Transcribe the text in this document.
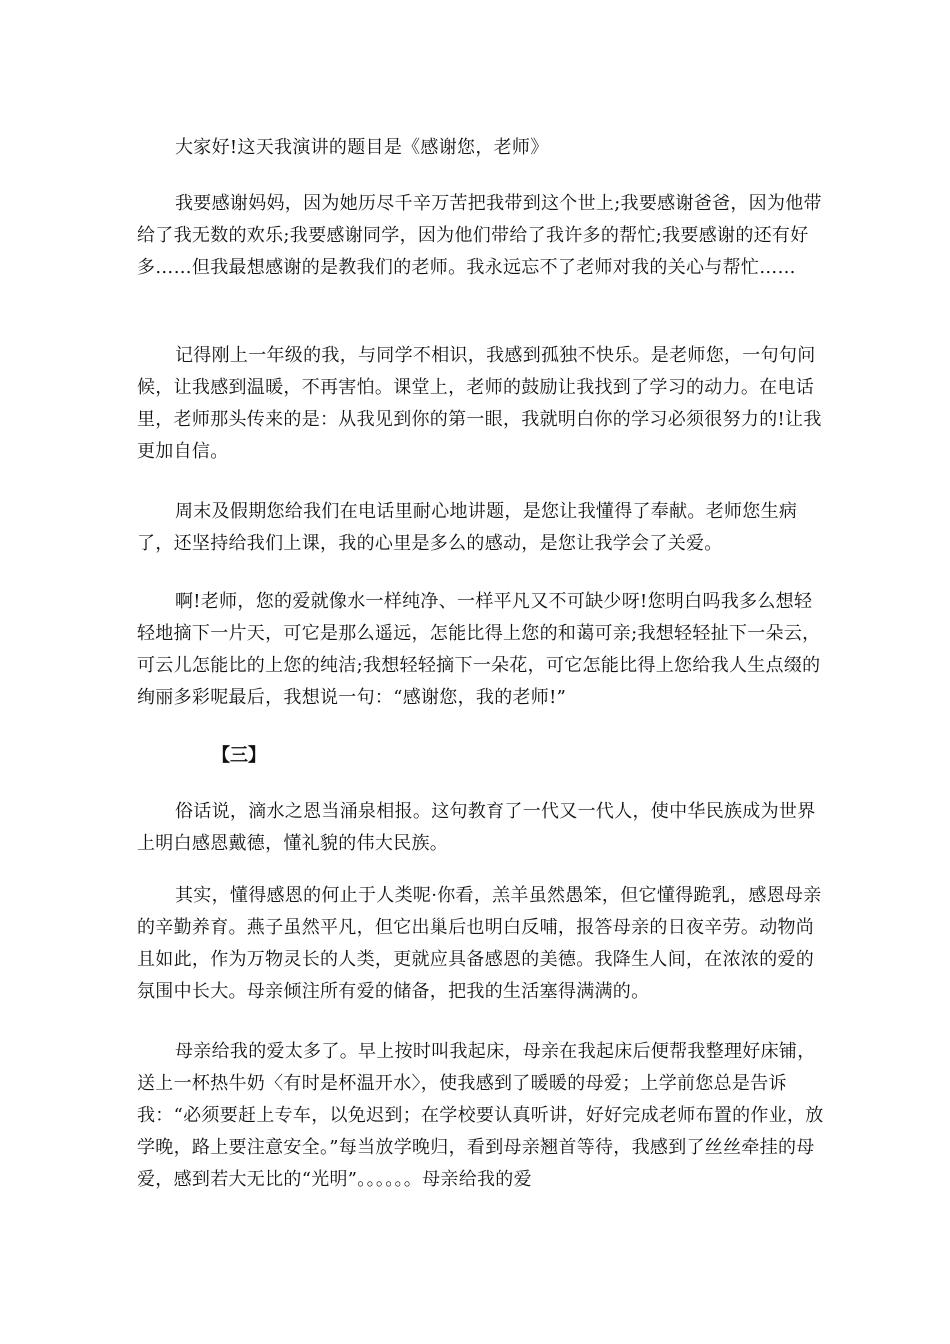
大家好!这天我演讲的题目是《感谢您，老师》

我要感谢妈妈，因为她历尽千辛万苦把我带到这个世上;我要感谢爸爸，因为他带给了我无数的欢乐;我要感谢同学，因为他们带给了我许多的帮忙;我要感谢的还有好多……但我最想感谢的是教我们的老师。我永远忘不了老师对我的关心与帮忙……

记得刚上一年级的我，与同学不相识，我感到孤独不快乐。是老师您，一句句问候，让我感到温暖，不再害怕。课堂上，老师的鼓励让我找到了学习的动力。在电话里，老师那头传来的是：从我见到你的第一眼，我就明白你的学习必须很努力的!让我更加自信。

周末及假期您给我们在电话里耐心地讲题，是您让我懂得了奉献。老师您生病了，还坚持给我们上课，我的心里是多么的感动，是您让我学会了关爱。

啊!老师，您的爱就像水一样纯净、一样平凡又不可缺少呀!您明白吗我多么想轻轻地摘下一片天，可它是那么遥远，怎能比得上您的和蔼可亲;我想轻轻扯下一朵云，可云儿怎能比的上您的纯洁;我想轻轻摘下一朵花，可它怎能比得上您给我人生点缀的绚丽多彩呢最后，我想说一句：“感谢您，我的老师!”

【三】

俗话说，滴水之恩当涌泉相报。这句教育了一代又一代人，使中华民族成为世界上明白感恩戴德，懂礼貌的伟大民族。

其实，懂得感恩的何止于人类呢·你看，羔羊虽然愚笨，但它懂得跪乳，感恩母亲的辛勤养育。燕子虽然平凡，但它出巢后也明白反哺，报答母亲的日夜辛劳。动物尚且如此，作为万物灵长的人类，更就应具备感恩的美德。我降生人间，在浓浓的爱的氛围中长大。母亲倾注所有爱的储备，把我的生活塞得满满的。

母亲给我的爱太多了。早上按时叫我起床，母亲在我起床后便帮我整理好床铺，送上一杯热牛奶〈有时是杯温开水〉，使我感到了暖暖的母爱；上学前您总是告诉我：“必须要赶上专车，以免迟到；在学校要认真听讲，好好完成老师布置的作业，放学晚，路上要注意安全。”每当放学晚归，看到母亲翘首等待，我感到了丝丝牵挂的母爱，感到若大无比的“光明”。。。。。。母亲给我的爱
